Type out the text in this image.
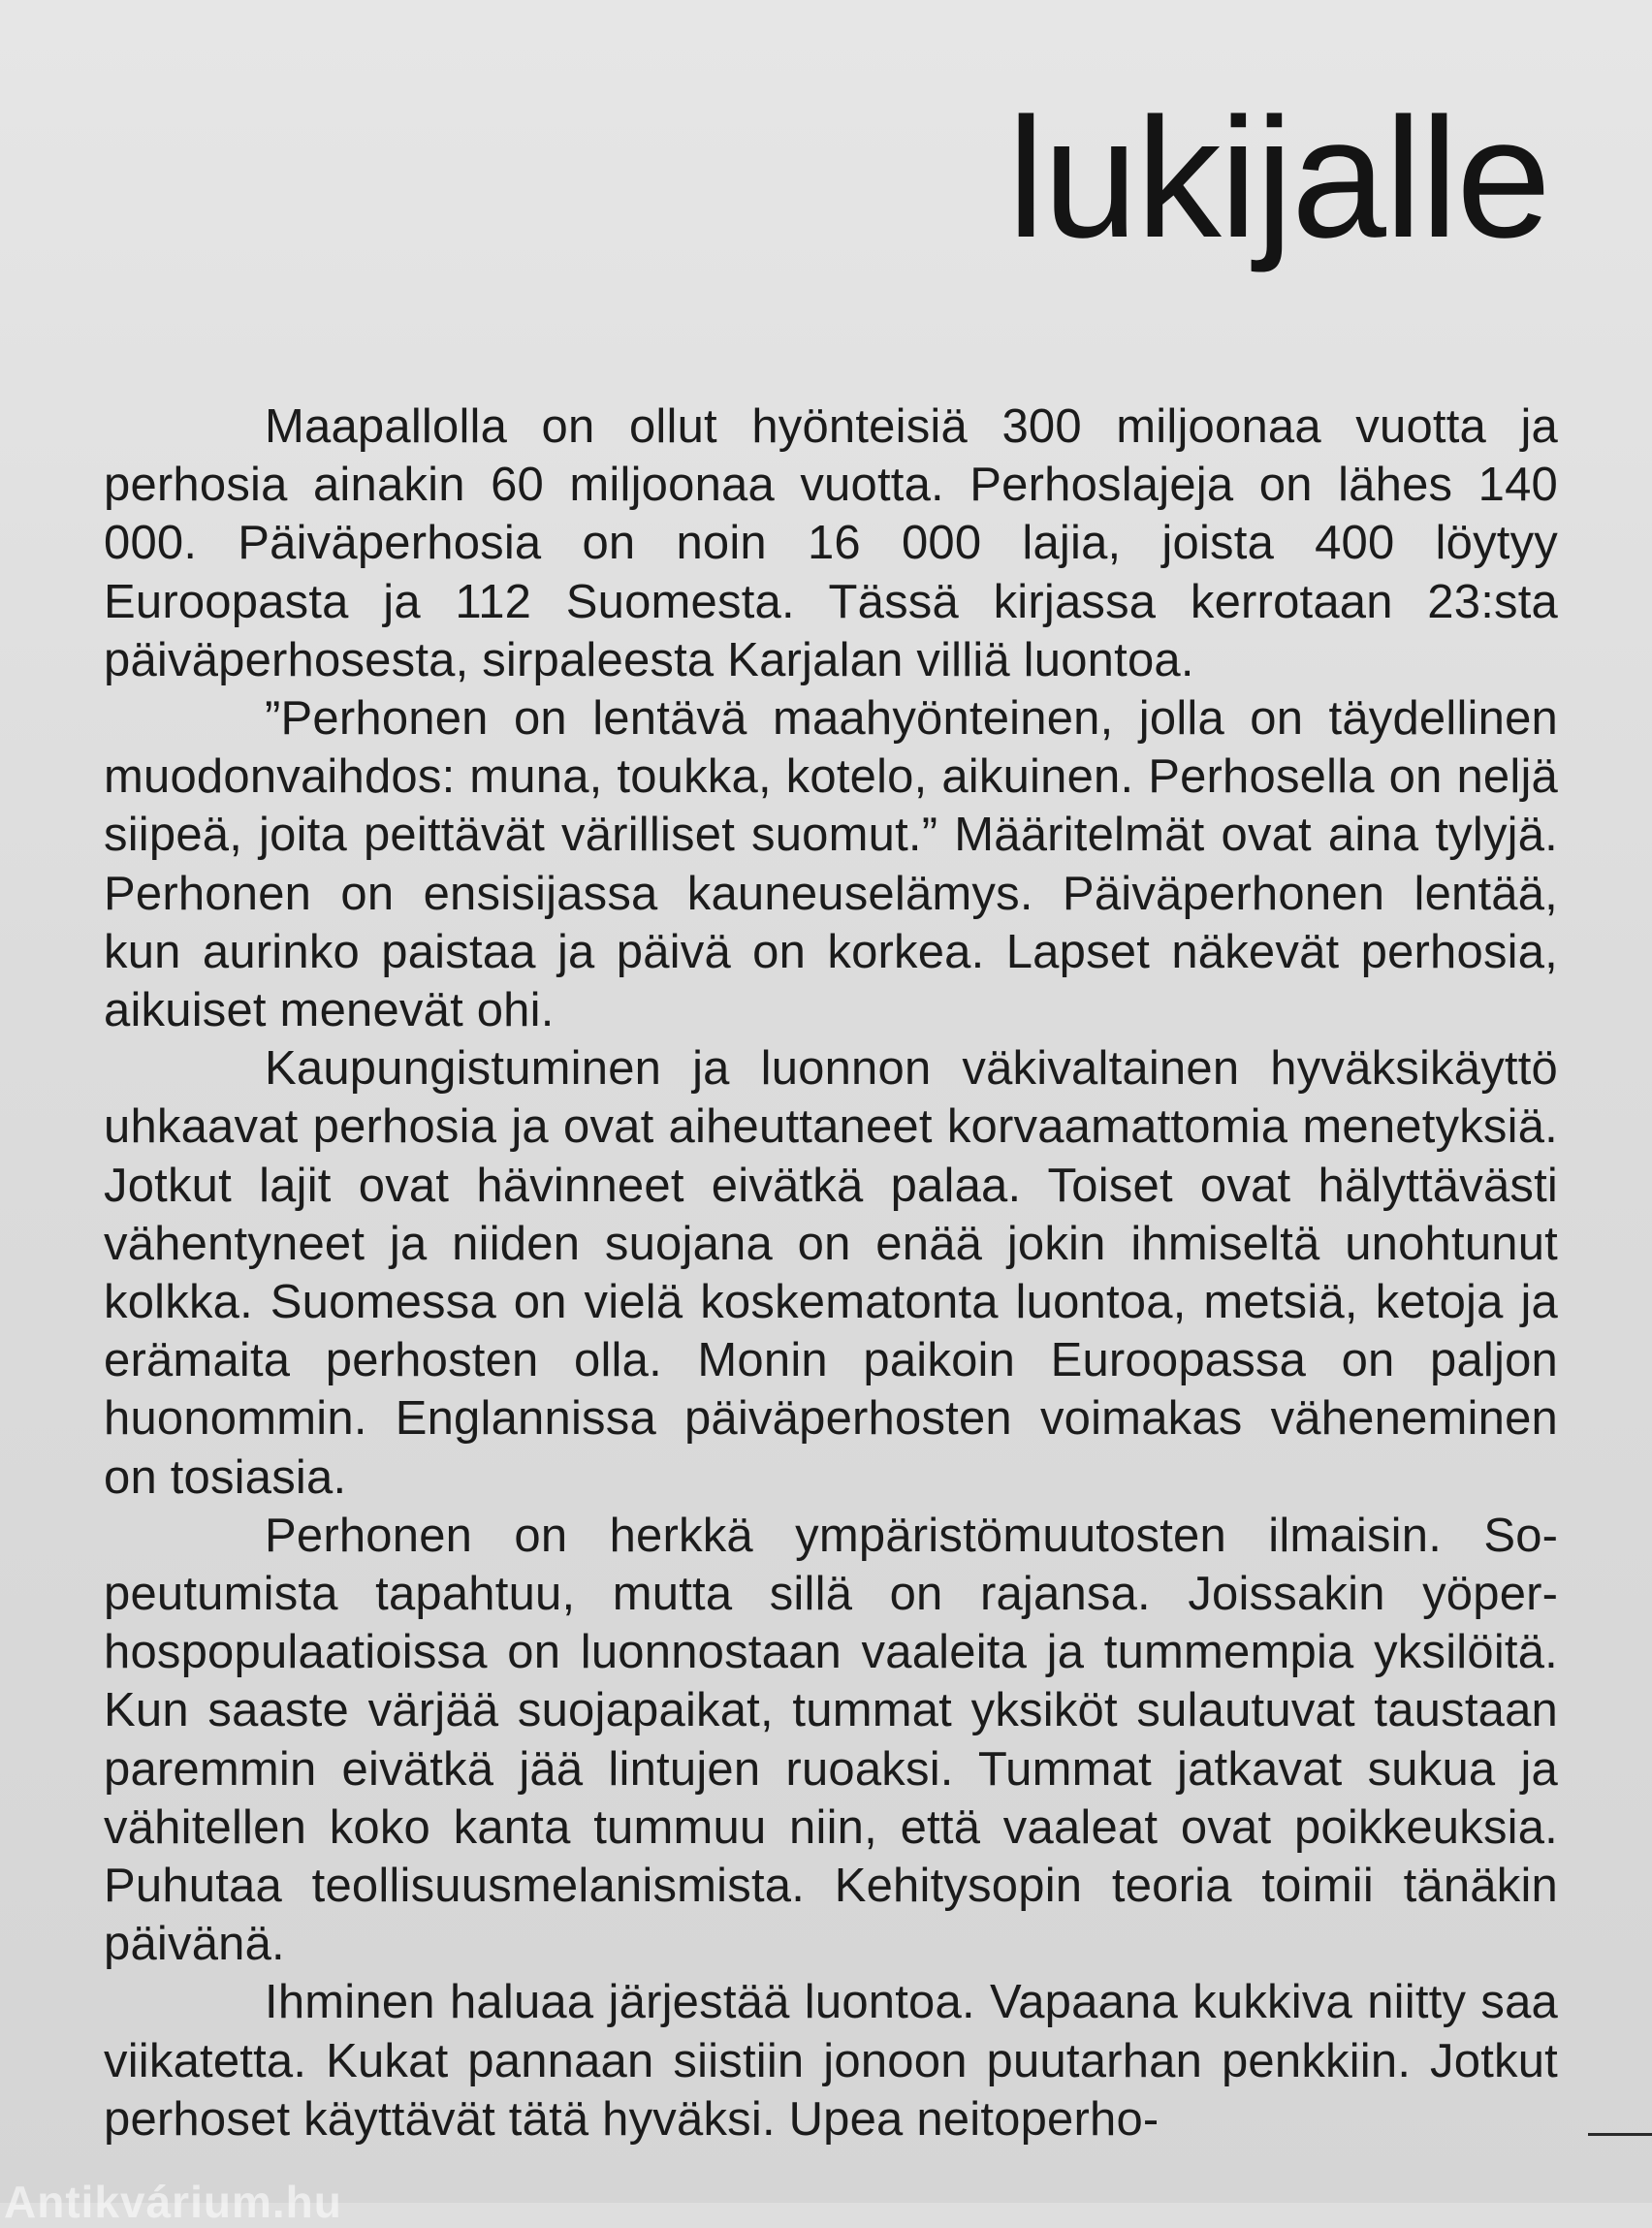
lukijalle

Maapallolla on ollut hyönteisiä 300 miljoonaa vuotta ja perhosia ainakin 60 miljoonaa vuotta. Perhoslajeja on lähes 140 000. Päiväperhosia on noin 16 000 lajia, joista 400 löytyy Euroopasta ja 112 Suomesta. Tässä kirjassa kerrotaan 23:sta päiväperhosesta, sirpaleesta Karjalan villiä luontoa.

”Perhonen on lentävä maahyönteinen, jolla on täydellinen muodonvaihdos: muna, toukka, kotelo, aikuinen. Perhosella on neljä siipeä, joita peittävät värilliset suomut.” Määritelmät ovat aina tylyjä. Perhonen on ensisijassa kauneuselämys. Päiväperhonen lentää, kun aurinko paistaa ja päivä on korkea. Lapset näkevät perhosia, aikuiset menevät ohi.

Kaupungistuminen ja luonnon väkivaltainen hyväksikäyttö uhkaavat perhosia ja ovat aiheuttaneet korvaamattomia menetyksiä. Jotkut lajit ovat hävinneet eivätkä palaa. Toiset ovat hälyttävästi vähentyneet ja niiden suojana on enää jokin ihmiseltä unohtunut kolkka. Suomessa on vielä koskematonta luontoa, metsiä, ketoja ja erämaita perhosten olla. Monin paikoin Euroopassa on paljon huonommin. Englannissa päiväperhosten voimakas väheneminen on tosiasia.

Perhonen on herkkä ympäristömuutosten ilmaisin. Sopeutumista tapahtuu, mutta sillä on rajansa. Joissakin yöperhospopulaatioissa on luonnostaan vaaleita ja tummempia yksilöitä. Kun saaste värjää suojapaikat, tummat yksiköt sulautuvat taustaan paremmin eivätkä jää lintujen ruoaksi. Tummat jatkavat sukua ja vähitellen koko kanta tummuu niin, että vaaleat ovat poikkeuksia. Puhutaa teollisuusmelanismista. Kehitysopin teoria toimii tänäkin päivänä.

Ihminen haluaa järjestää luontoa. Vapaana kukkiva niitty saa viikatetta. Kukat pannaan siistiin jonoon puutarhan penkkiin. Jotkut perhoset käyttävät tätä hyväksi. Upea neitoperho-

Antikvárium.hu
